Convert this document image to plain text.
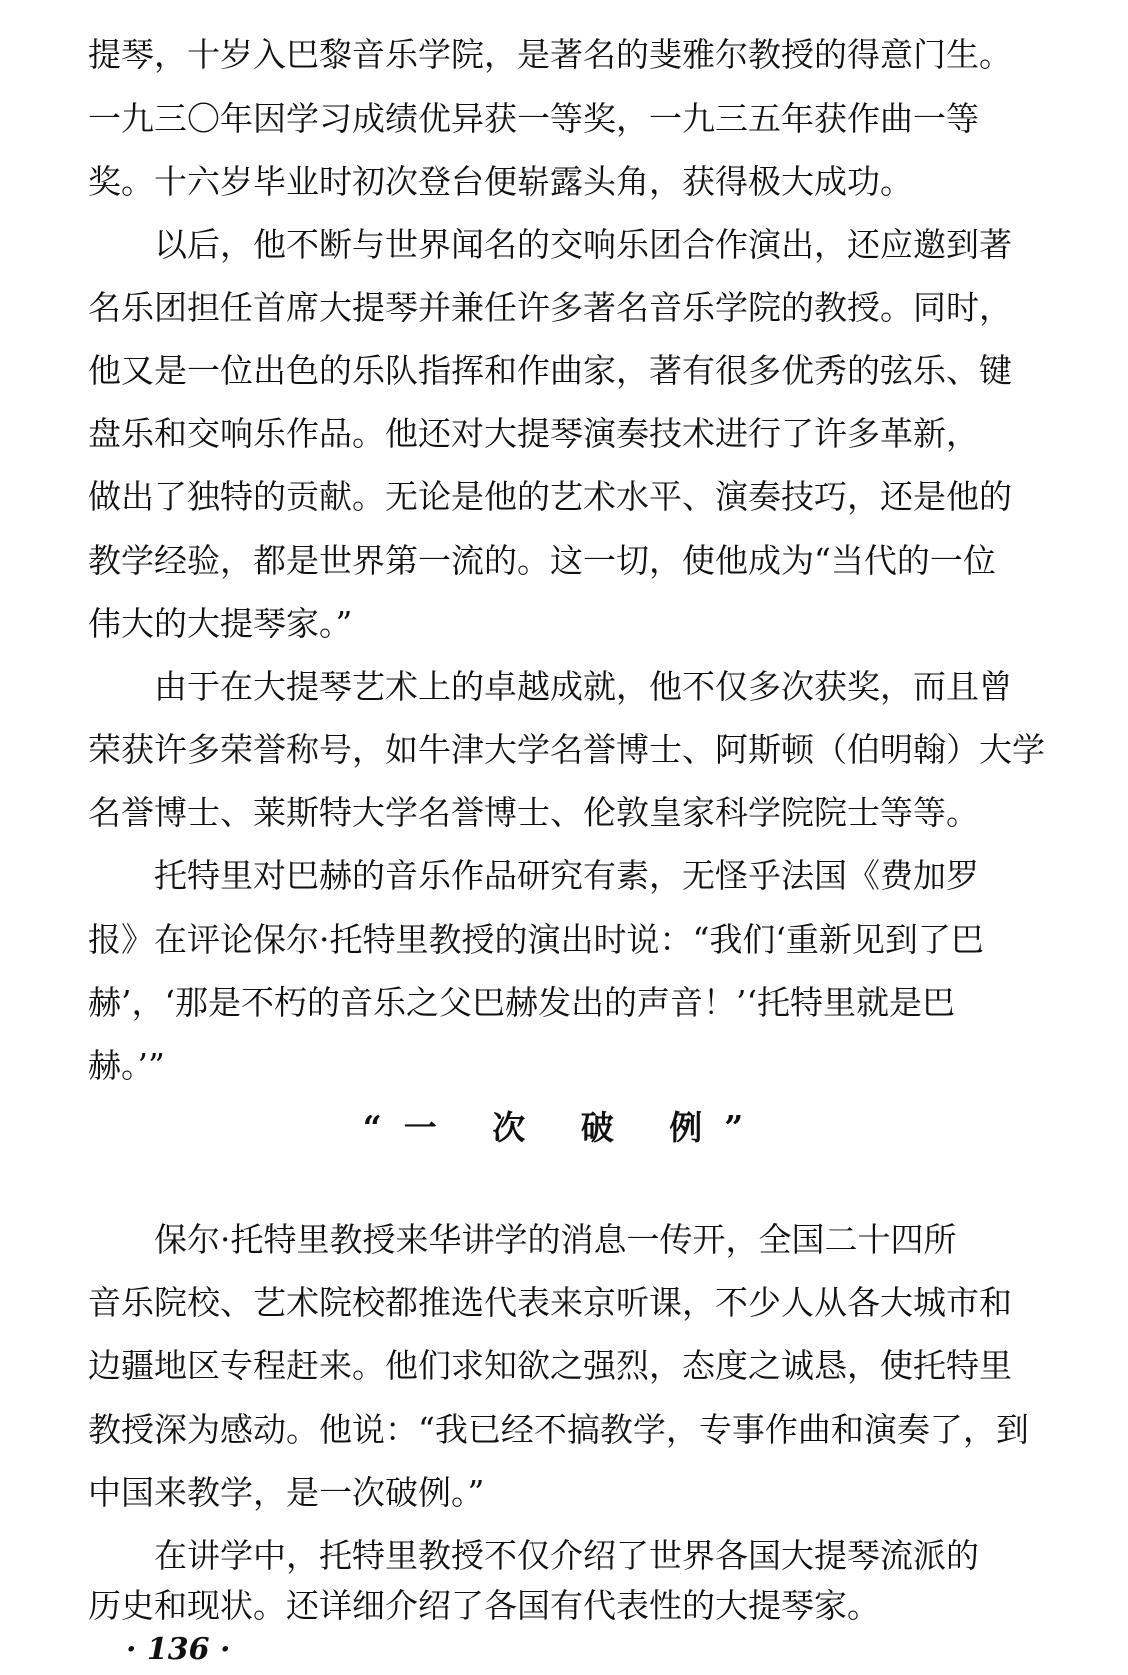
提琴，十岁入巴黎音乐学院，是著名的斐雅尔教授的得意门生。
一九三〇年因学习成绩优异获一等奖，一九三五年获作曲一等
奖。十六岁毕业时初次登台便崭露头角，获得极大成功。
　　以后，他不断与世界闻名的交响乐团合作演出，还应邀到著
名乐团担任首席大提琴并兼任许多著名音乐学院的教授。同时，
他又是一位出色的乐队指挥和作曲家，著有很多优秀的弦乐、键
盘乐和交响乐作品。他还对大提琴演奏技术进行了许多革新，
做出了独特的贡献。无论是他的艺术水平、演奏技巧，还是他的
教学经验，都是世界第一流的。这一切，使他成为“当代的一位
伟大的大提琴家。”
　　由于在大提琴艺术上的卓越成就，他不仅多次获奖，而且曾
荣获许多荣誉称号，如牛津大学名誉博士、阿斯顿（伯明翰）大学
名誉博士、莱斯特大学名誉博士、伦敦皇家科学院院士等等。
　　托特里对巴赫的音乐作品研究有素，无怪乎法国《费加罗
报》在评论保尔·托特里教授的演出时说：“我们‘重新见到了巴
赫’，‘那是不朽的音乐之父巴赫发出的声音！’‘托特里就是巴
赫。’”
“一 次 破 例”
　　保尔·托特里教授来华讲学的消息一传开，全国二十四所
音乐院校、艺术院校都推选代表来京听课，不少人从各大城市和
边疆地区专程赶来。他们求知欲之强烈，态度之诚恳，使托特里
教授深为感动。他说：“我已经不搞教学，专事作曲和演奏了，到
中国来教学，是一次破例。”
　　在讲学中，托特里教授不仅介绍了世界各国大提琴流派的
历史和现状。还详细介绍了各国有代表性的大提琴家。
· 136 ·
